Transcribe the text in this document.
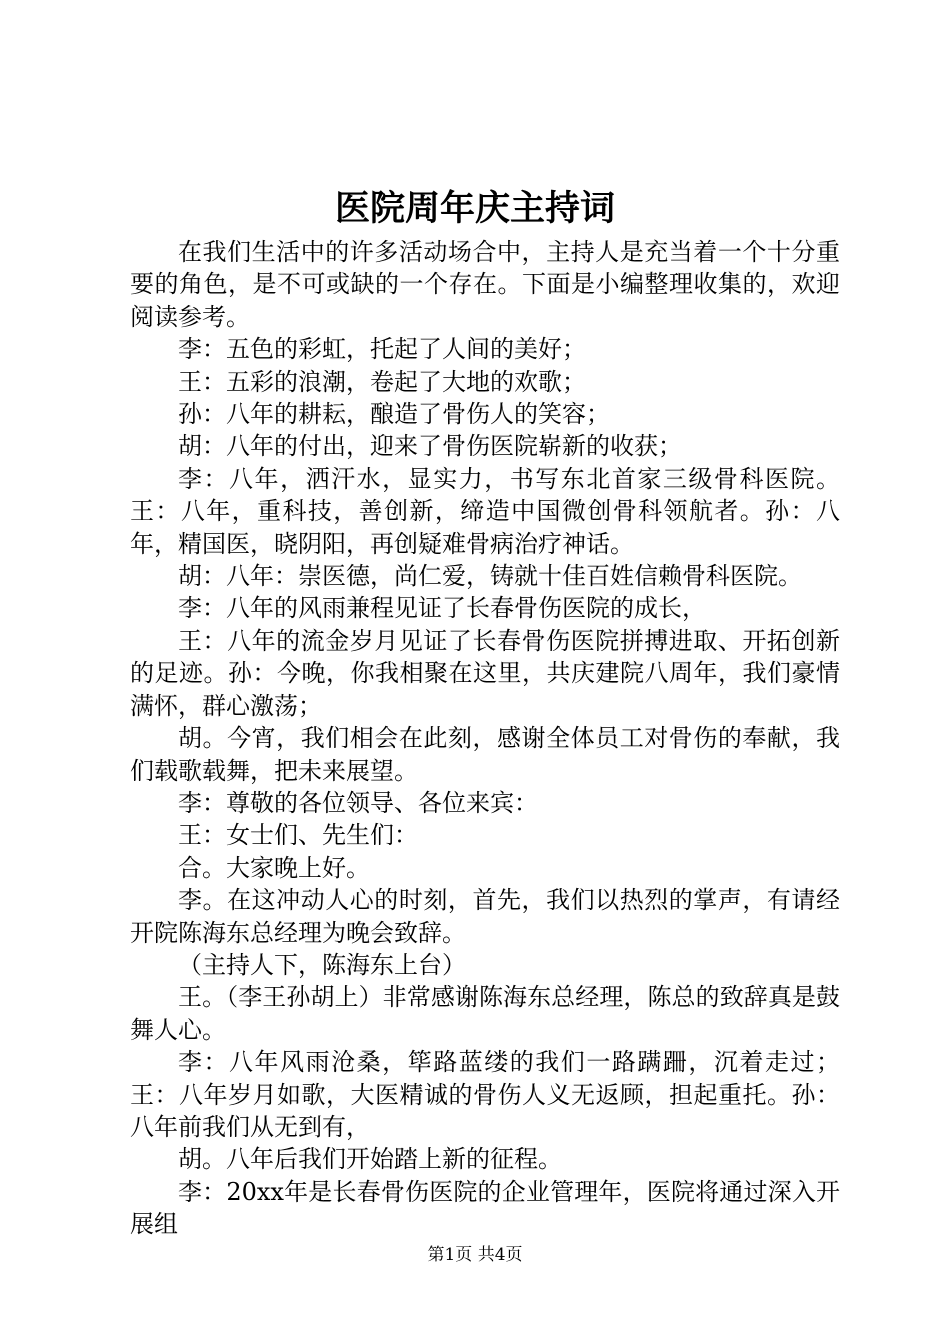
医院周年庆主持词

在我们生活中的许多活动场合中，主持人是充当着一个十分重要的角色，是不可或缺的一个存在。下面是小编整理收集的，欢迎阅读参考。

李：五色的彩虹，托起了人间的美好；

王：五彩的浪潮，卷起了大地的欢歌；

孙：八年的耕耘，酿造了骨伤人的笑容；

胡：八年的付出，迎来了骨伤医院崭新的收获；

李：八年，洒汗水，显实力，书写东北首家三级骨科医院。王：八年，重科技，善创新，缔造中国微创骨科领航者。孙：八年，精国医，晓阴阳，再创疑难骨病治疗神话。

胡：八年：崇医德，尚仁爱，铸就十佳百姓信赖骨科医院。

李：八年的风雨兼程见证了长春骨伤医院的成长，

王：八年的流金岁月见证了长春骨伤医院拼搏进取、开拓创新的足迹。孙：今晚，你我相聚在这里，共庆建院八周年，我们豪情满怀，群心激荡；

胡。今宵，我们相会在此刻，感谢全体员工对骨伤的奉献，我们载歌载舞，把未来展望。

李：尊敬的各位领导、各位来宾：

王：女士们、先生们：

合。大家晚上好。

李。在这冲动人心的时刻，首先，我们以热烈的掌声，有请经开院陈海东总经理为晚会致辞。

（主持人下，陈海东上台）

王。（李王孙胡上）非常感谢陈海东总经理，陈总的致辞真是鼓舞人心。

李：八年风雨沧桑，筚路蓝缕的我们一路蹒跚，沉着走过；王：八年岁月如歌，大医精诚的骨伤人义无返顾，担起重托。孙：八年前我们从无到有，

胡。八年后我们开始踏上新的征程。

李：20xx年是长春骨伤医院的企业管理年，医院将通过深入开展组

第1页 共4页
